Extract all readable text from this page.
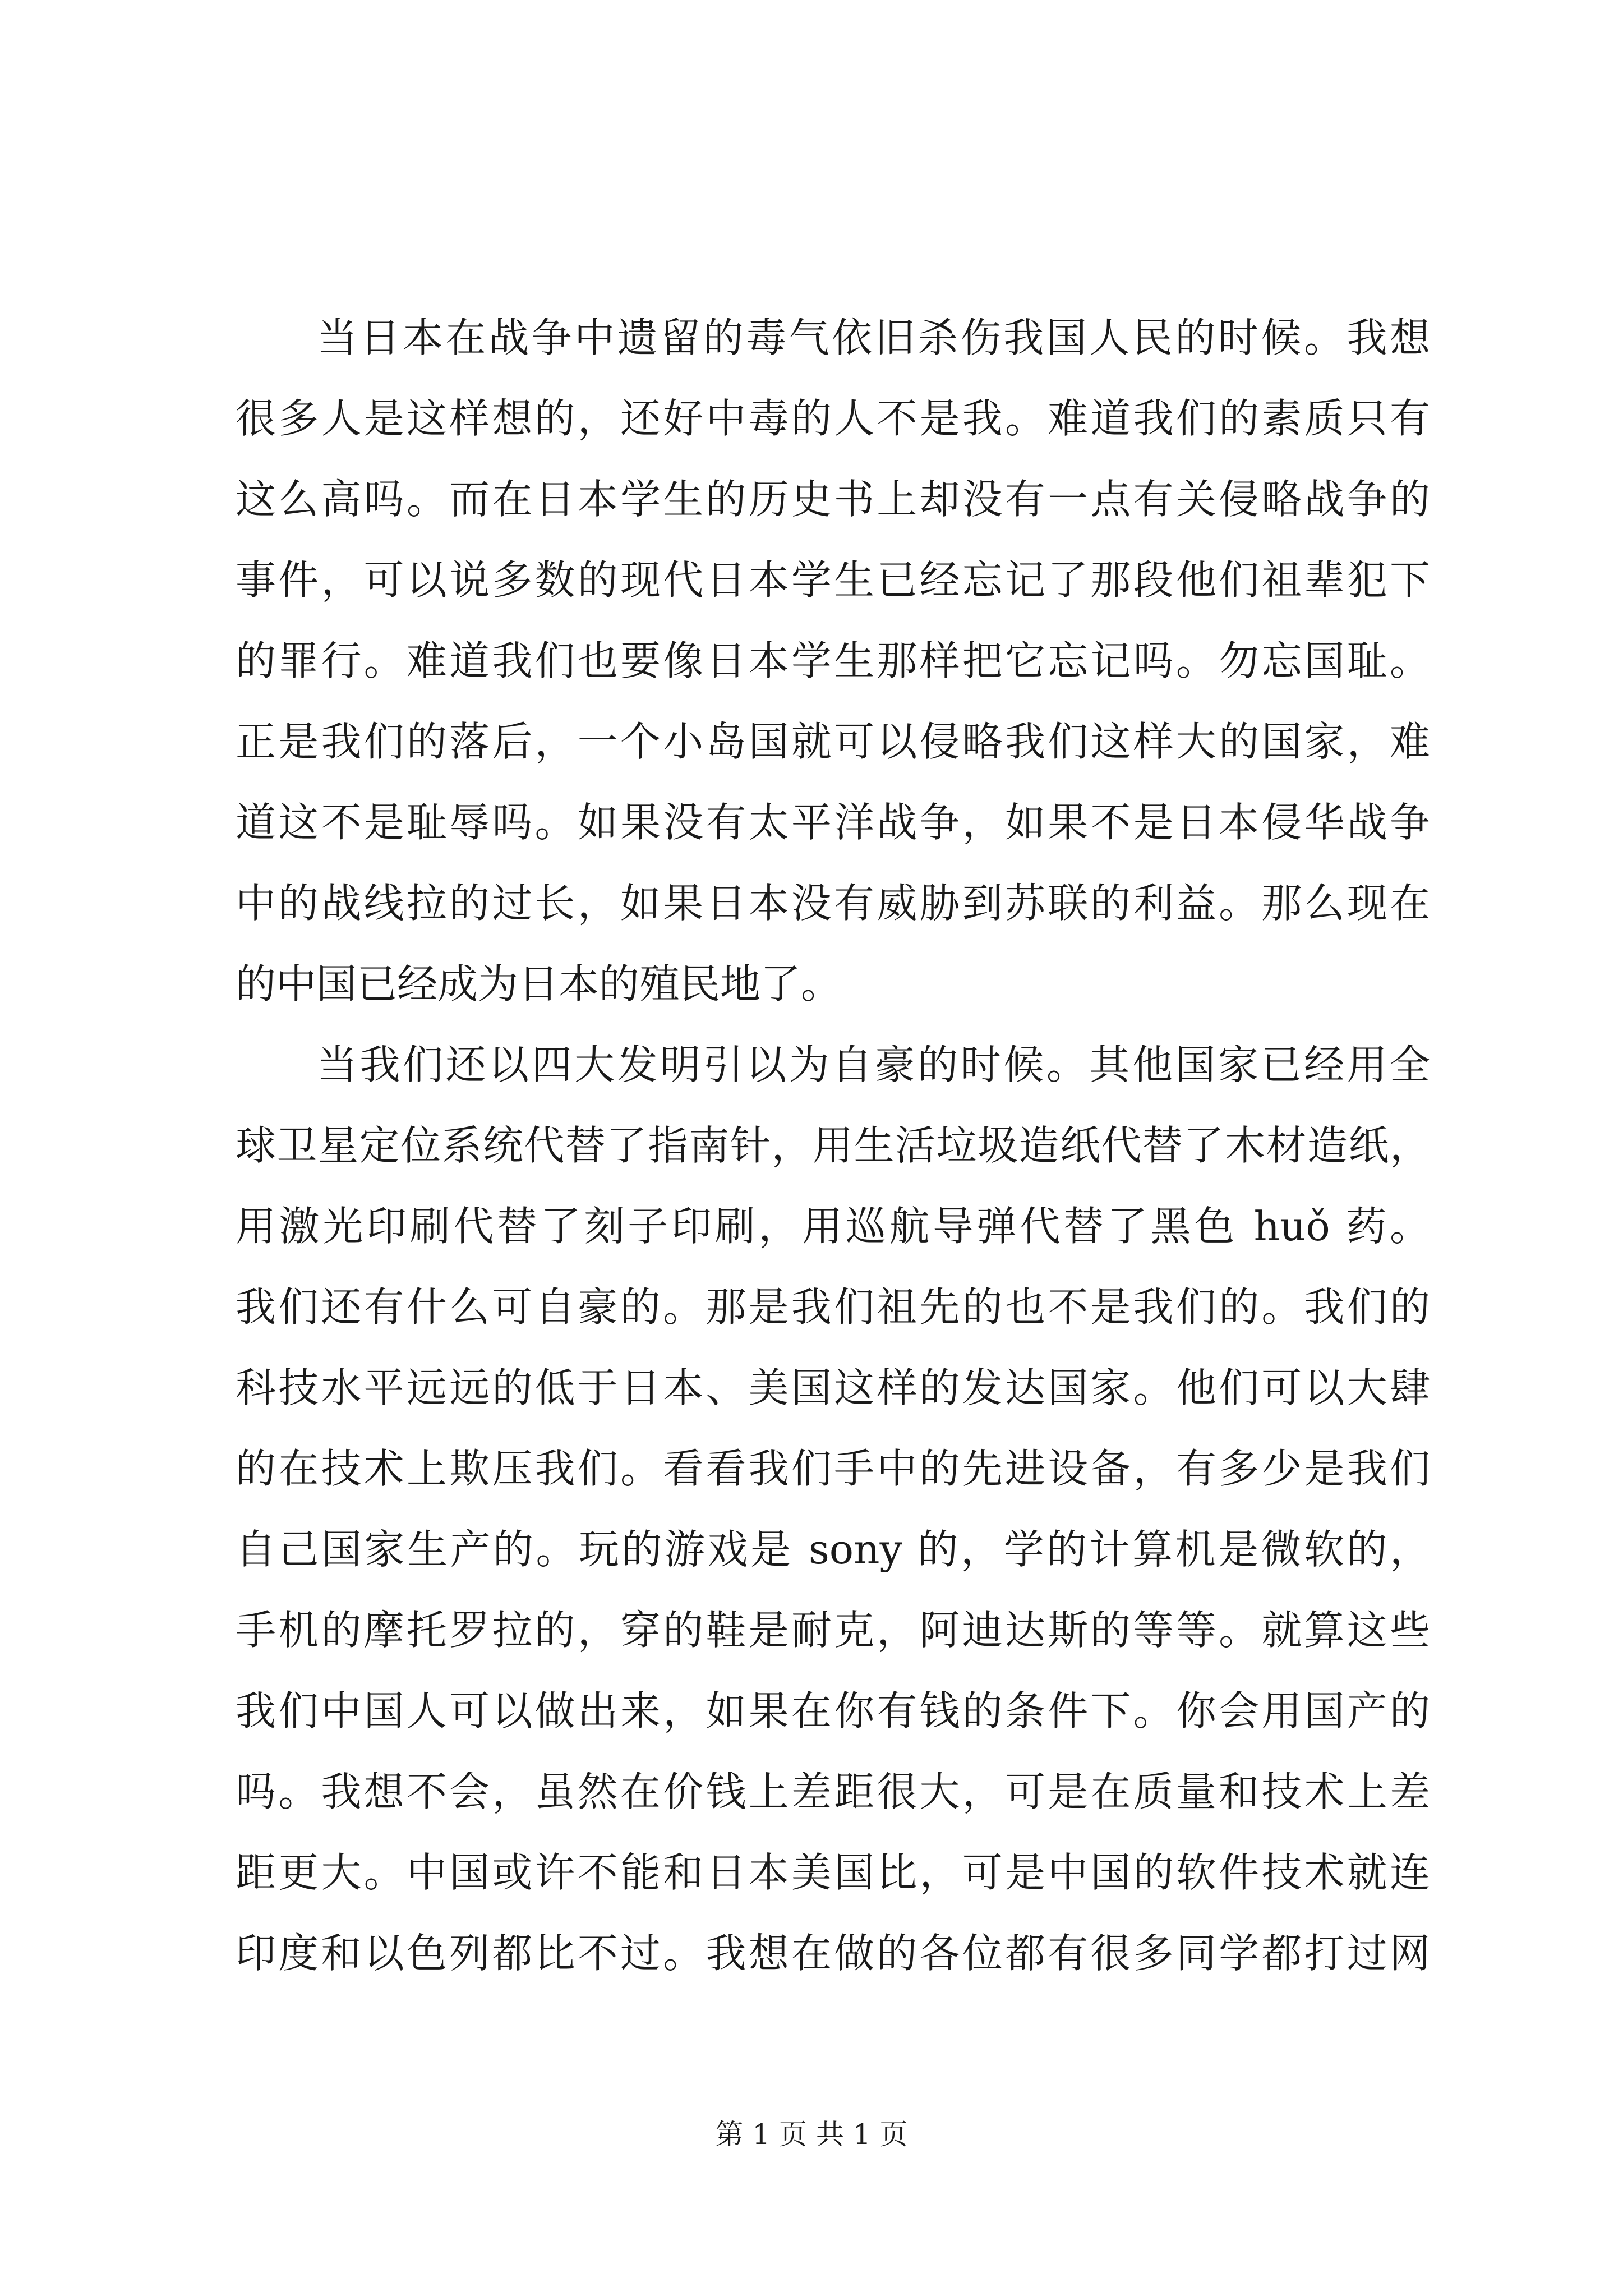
当日本在战争中遗留的毒气依旧杀伤我国人民的时候。我想
很多人是这样想的，还好中毒的人不是我。难道我们的素质只有
这么高吗。而在日本学生的历史书上却没有一点有关侵略战争的
事件，可以说多数的现代日本学生已经忘记了那段他们祖辈犯下
的罪行。难道我们也要像日本学生那样把它忘记吗。勿忘国耻。
正是我们的落后，一个小岛国就可以侵略我们这样大的国家，难
道这不是耻辱吗。如果没有太平洋战争，如果不是日本侵华战争
中的战线拉的过长，如果日本没有威胁到苏联的利益。那么现在
的中国已经成为日本的殖民地了。
当我们还以四大发明引以为自豪的时候。其他国家已经用全
球卫星定位系统代替了指南针，用生活垃圾造纸代替了木材造纸，
用激光印刷代替了刻子印刷，用巡航导弹代替了黑色 huǒ 药。
我们还有什么可自豪的。那是我们祖先的也不是我们的。我们的
科技水平远远的低于日本、美国这样的发达国家。他们可以大肆
的在技术上欺压我们。看看我们手中的先进设备，有多少是我们
自己国家生产的。玩的游戏是 sony 的，学的计算机是微软的，
手机的摩托罗拉的，穿的鞋是耐克，阿迪达斯的等等。就算这些
我们中国人可以做出来，如果在你有钱的条件下。你会用国产的
吗。我想不会，虽然在价钱上差距很大，可是在质量和技术上差
距更大。中国或许不能和日本美国比，可是中国的软件技术就连
印度和以色列都比不过。我想在做的各位都有很多同学都打过网
第 1 页 共 1 页
